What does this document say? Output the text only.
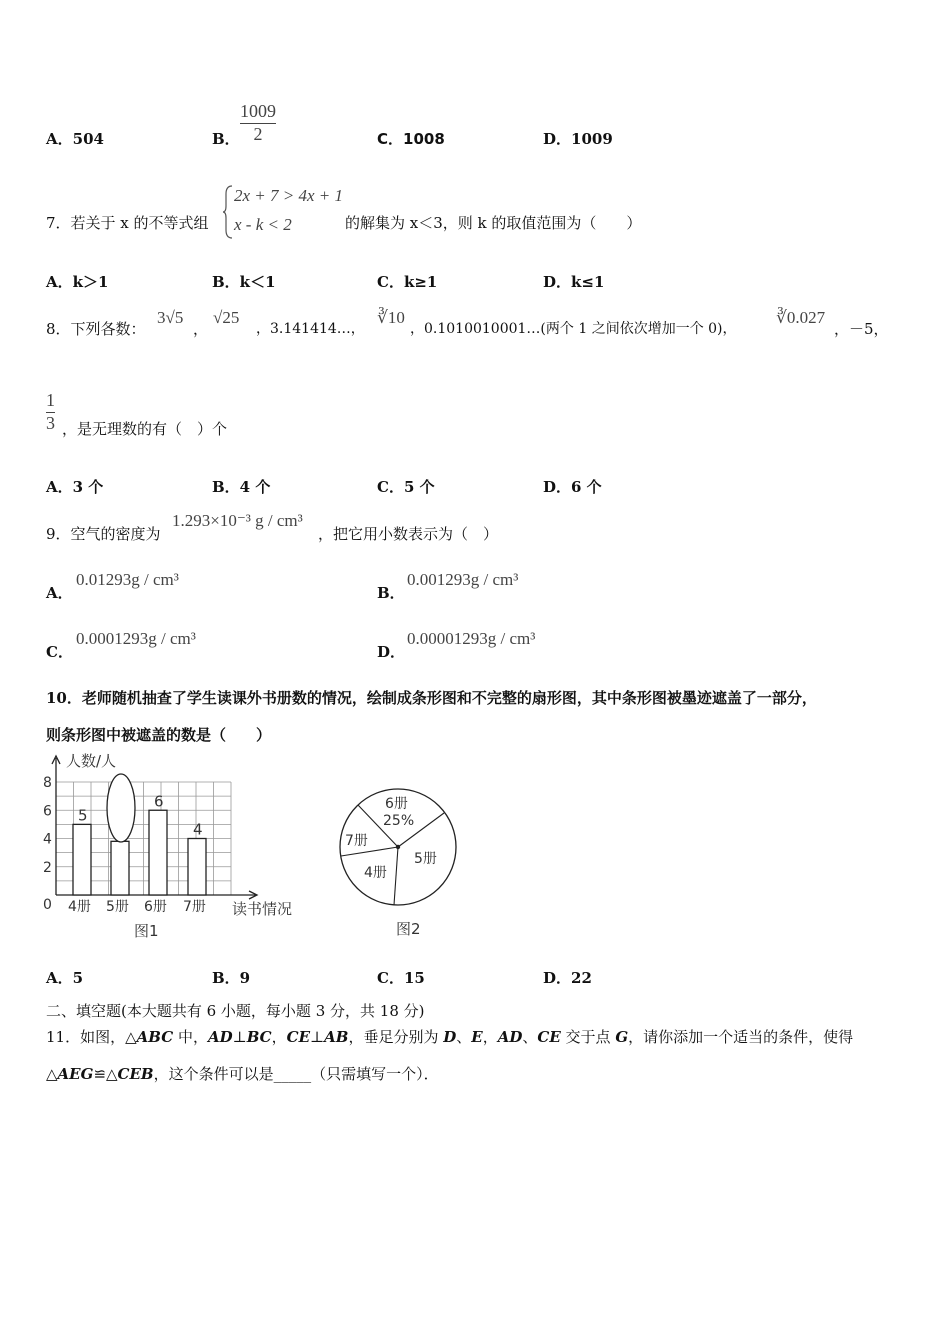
A．504	B．
1009
2	C．1008	D．1009
7．若关于 x 的不等式组
2x + 7 > 4x + 1
x - k < 2	的解集为 x＜3，则 k 的取值范围为（　　）
A．k＞1	B．k＜1	C．k≥1	D．k≤1
8．下列各数：
3√5
，
√25
，3.141414…，
∛10
，0.1010010001…(两个 1 之间依次增加一个 0)，
∛0.027
，－5，
1
3 ，是无理数的有（　）个
A．3 个	B．4 个	C．5 个	D．6 个
9．空气的密度为
1.293×10⁻³ g / cm³
，把它用小数表示为（　）
A．
0.01293g / cm³
B．
0.001293g / cm³
C．
0.0001293g / cm³
D．
0.00001293g / cm³
10．老师随机抽查了学生读课外书册数的情况，绘制成条形图和不完整的扇形图，其中条形图被墨迹遮盖了一部分，
则条形图中被遮盖的数是（　　）
0
2
4
6
8
人数/人
读书情况
5
4册 5册
6
6册
4
7册
图1
6册
25%
5册
4册
7册
图2
A．5	B．9	C．15	D．22
二、填空题(本大题共有 6 小题，每小题 3 分，共 18 分)
11．如图，△ABC 中，AD⊥BC，CE⊥AB，垂足分别为 D、E，AD、CE 交于点 G，请你添加一个适当的条件，使得
△AEG≌△CEB，这个条件可以是_____（只需填写一个）．
